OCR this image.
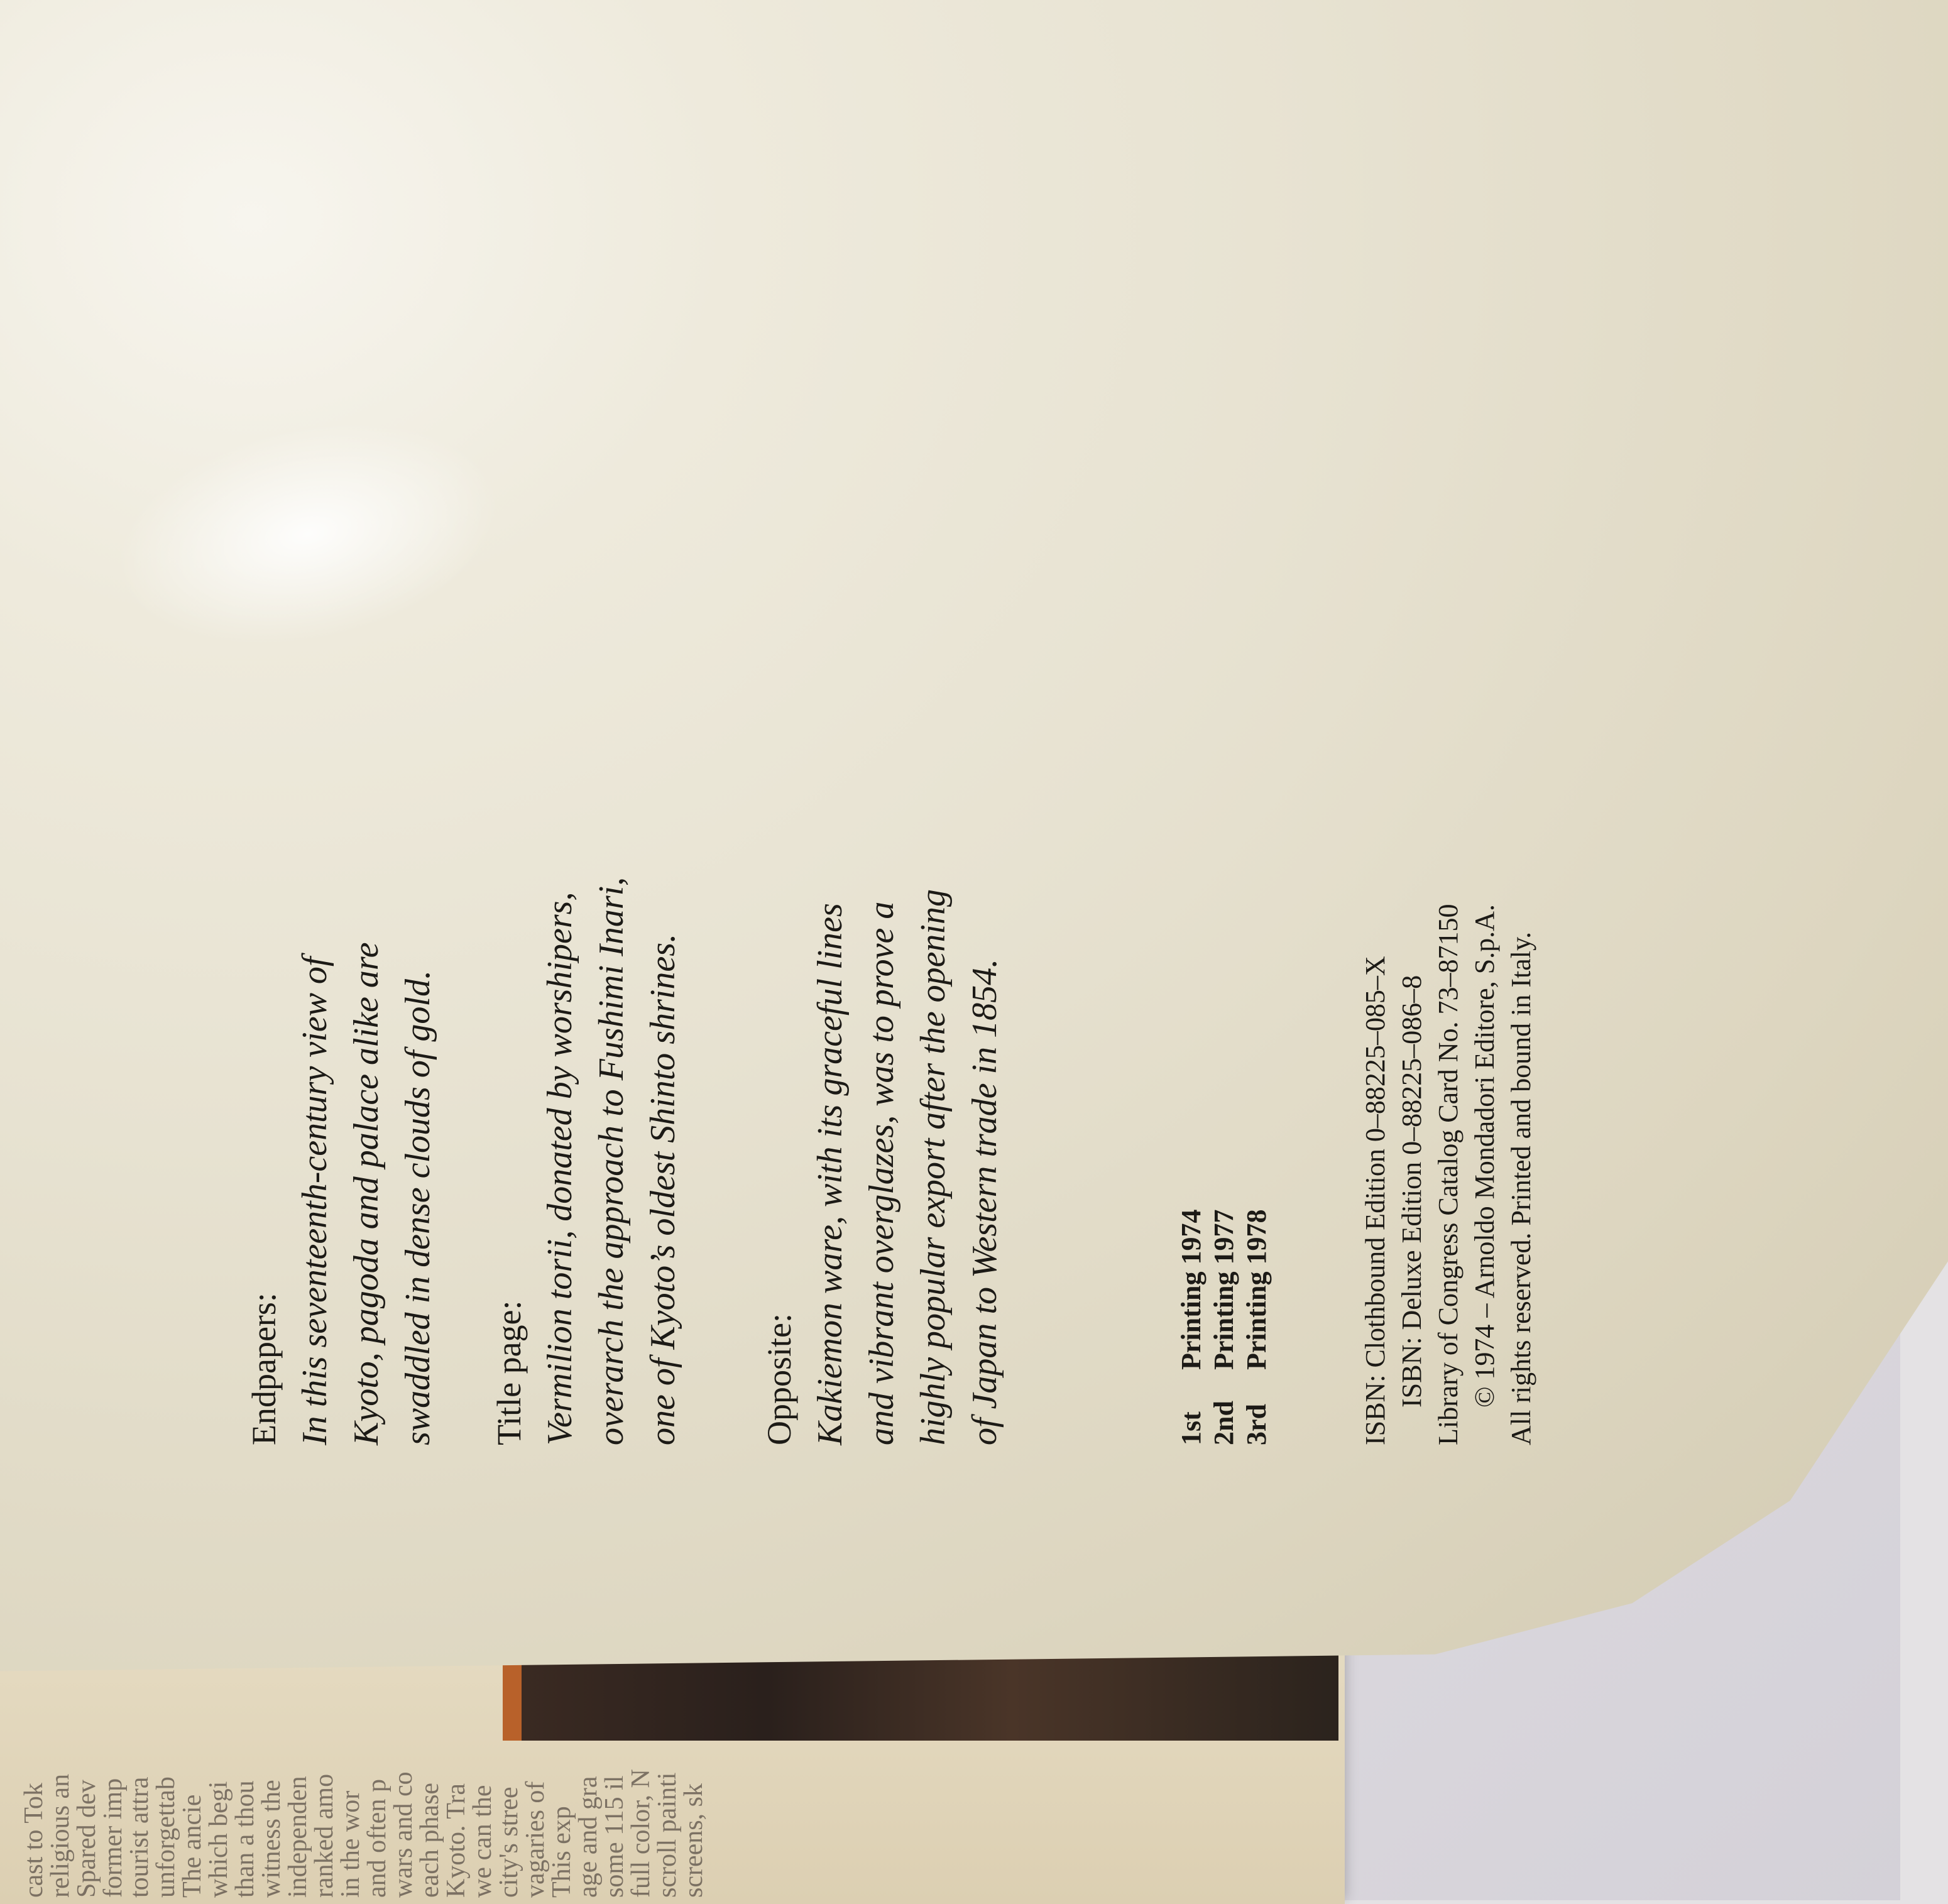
cast to Tok
religious an
Spared dev
former imp
tourist attra
unforgettab
The ancie
which begi
than a thou
witness the
independen
ranked amo
in the wor
and often p
wars and co
each phase
Kyoto. Tra
we can the
city's stree
vagaries of
This exp
age and gra
some 115 il
full color, N
scroll painti
screens, sk

Endpapers: In this seventeenth-century view of Kyoto, pagoda and palace alike are swaddled in dense clouds of gold. Title page: Vermilion torii, donated by worshipers, overarch the approach to Fushimi Inari, one of Kyoto’s oldest Shinto shrines. Opposite: Kakiemon ware, with its graceful lines and vibrant overglazes, was to prove a highly popular export after the opening of Japan to Western trade in 1854.	1stPrinting 1974
2ndPrinting 1977
3rdPrinting 1978	ISBN: Clothbound Edition 0–88225–085–X ISBN: Deluxe Edition 0–88225–086–8 Library of Congress Catalog Card No. 73–87150 © 1974 – Arnoldo Mondadori Editore, S.p.A. All rights reserved. Printed and bound in Italy.
